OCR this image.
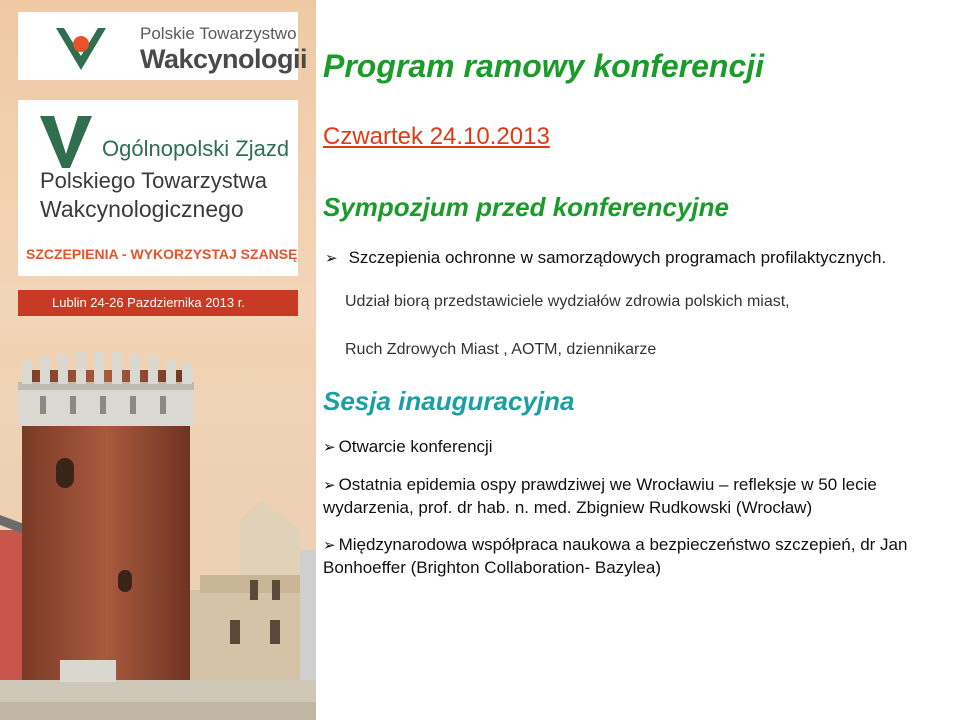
Polskie Towarzystwo
Wakcynologii
Ogólnopolski Zjazd
Polskiego Towarzystwa
Wakcynologicznego
SZCZEPIENIA - WYKORZYSTAJ SZANSĘ
Lublin 24-26 Pazdziernika 2013 r.
Program ramowy konferencji
Czwartek 24.10.2013
Sympozjum przed konferencyjne
➢ Szczepienia ochronne w samorządowych programach profilaktycznych.
Udział biorą przedstawiciele wydziałów zdrowia polskich miast,
Ruch Zdrowych Miast , AOTM, dziennikarze
Sesja inauguracyjna
➢ Otwarcie konferencji
➢ Ostatnia epidemia ospy prawdziwej we Wrocławiu – refleksje w 50 lecie wydarzenia, prof. dr hab. n. med. Zbigniew Rudkowski (Wrocław)
➢ Międzynarodowa współpraca naukowa a bezpieczeństwo szczepień, dr Jan Bonhoeffer (Brighton Collaboration- Bazylea)
